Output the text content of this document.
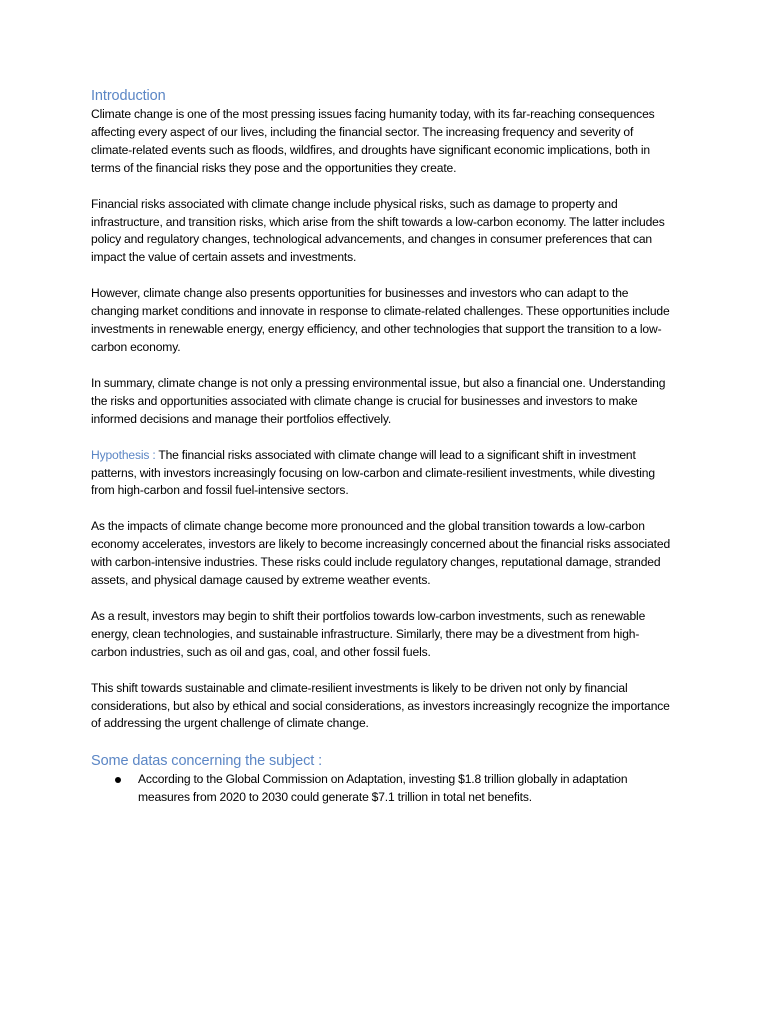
Introduction

Climate change is one of the most pressing issues facing humanity today, with its far-reaching consequences affecting every aspect of our lives, including the financial sector. The increasing frequency and severity of climate-related events such as floods, wildfires, and droughts have significant economic implications, both in terms of the financial risks they pose and the opportunities they create.

Financial risks associated with climate change include physical risks, such as damage to property and infrastructure, and transition risks, which arise from the shift towards a low-carbon economy. The latter includes policy and regulatory changes, technological advancements, and changes in consumer preferences that can impact the value of certain assets and investments.

However, climate change also presents opportunities for businesses and investors who can adapt to the changing market conditions and innovate in response to climate-related challenges. These opportunities include investments in renewable energy, energy efficiency, and other technologies that support the transition to a low-carbon economy.

In summary, climate change is not only a pressing environmental issue, but also a financial one. Understanding the risks and opportunities associated with climate change is crucial for businesses and investors to make informed decisions and manage their portfolios effectively.

Hypothesis : The financial risks associated with climate change will lead to a significant shift in investment patterns, with investors increasingly focusing on low-carbon and climate-resilient investments, while divesting from high-carbon and fossil fuel-intensive sectors.

As the impacts of climate change become more pronounced and the global transition towards a low-carbon economy accelerates, investors are likely to become increasingly concerned about the financial risks associated with carbon-intensive industries. These risks could include regulatory changes, reputational damage, stranded assets, and physical damage caused by extreme weather events.

As a result, investors may begin to shift their portfolios towards low-carbon investments, such as renewable energy, clean technologies, and sustainable infrastructure. Similarly, there may be a divestment from high-carbon industries, such as oil and gas, coal, and other fossil fuels.

This shift towards sustainable and climate-resilient investments is likely to be driven not only by financial considerations, but also by ethical and social considerations, as investors increasingly recognize the importance of addressing the urgent challenge of climate change.

Some datas concerning the subject :
According to the Global Commission on Adaptation, investing $1.8 trillion globally in adaptation measures from 2020 to 2030 could generate $7.1 trillion in total net benefits.
